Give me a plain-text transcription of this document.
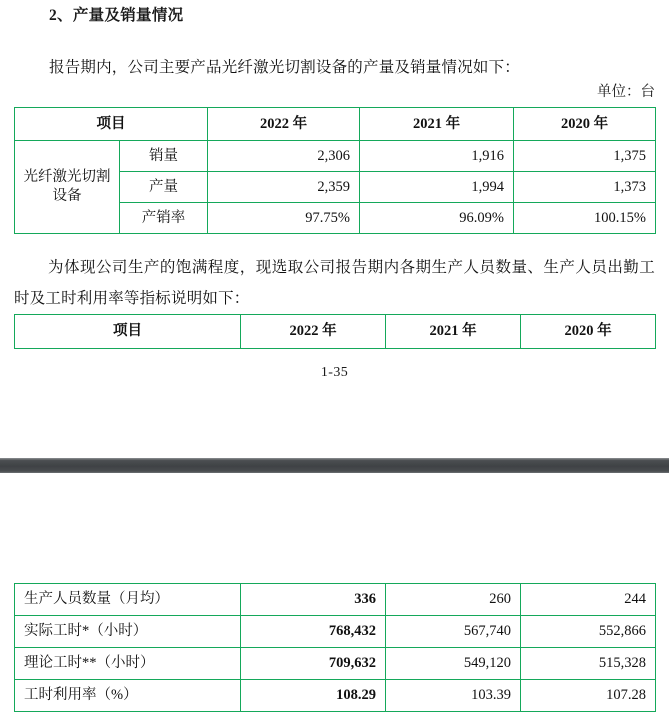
2、产量及销量情况
报告期内，公司主要产品光纤激光切割设备的产量及销量情况如下：
单位：台
项目		2022 年	2021 年	2020 年
光纤激光切割设备	销量	2,306	1,916	1,375
	产量	2,359	1,994	1,373
	产销率	97.75%	96.09%	100.15%
为体现公司生产的饱满程度，现选取公司报告期内各期生产人员数量、生产人员出勤工时及工时利用率等指标说明如下：
项目	2022 年	2021 年	2020 年
1-35
生产人员数量（月均）	336	260	244
实际工时*（小时）	768,432	567,740	552,866
理论工时**（小时）	709,632	549,120	515,328
工时利用率（%）	108.29	103.39	107.28
